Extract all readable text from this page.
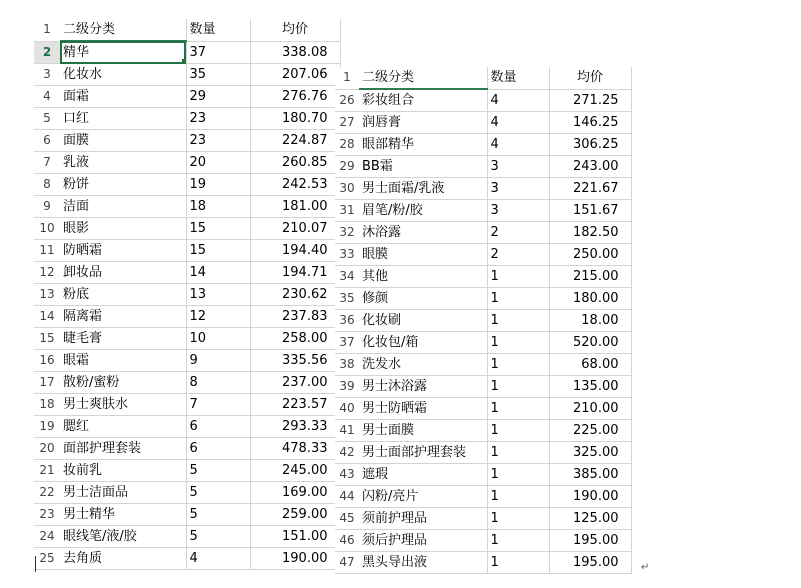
1	二级分类	数量	均价
2	精华	37	338.08
3	化妆水	35	207.06
4	面霜	29	276.76
5	口红	23	180.70
6	面膜	23	224.87
7	乳液	20	260.85
8	粉饼	19	242.53
9	洁面	18	181.00
10	眼影	15	210.07
11	防晒霜	15	194.40
12	卸妆品	14	194.71
13	粉底	13	230.62
14	隔离霜	12	237.83
15	睫毛膏	10	258.00
16	眼霜	9	335.56
17	散粉/蜜粉	8	237.00
18	男士爽肤水	7	223.57
19	腮红	6	293.33
20	面部护理套装	6	478.33
21	妆前乳	5	245.00
22	男士洁面品	5	169.00
23	男士精华	5	259.00
24	眼线笔/液/胶	5	151.00
25	去角质	4	190.00
1	二级分类	数量	均价
26	彩妆组合	4	271.25
27	润唇膏	4	146.25
28	眼部精华	4	306.25
29	BB霜	3	243.00
30	男士面霜/乳液	3	221.67
31	眉笔/粉/胶	3	151.67
32	沐浴露	2	182.50
33	眼膜	2	250.00
34	其他	1	215.00
35	修颜	1	180.00
36	化妆刷	1	18.00
37	化妆包/箱	1	520.00
38	洗发水	1	68.00
39	男士沐浴露	1	135.00
40	男士防晒霜	1	210.00
41	男士面膜	1	225.00
42	男士面部护理套装	1	325.00
43	遮瑕	1	385.00
44	闪粉/亮片	1	190.00
45	须前护理品	1	125.00
46	须后护理品	1	195.00
47	黑头导出液	1	195.00 ↵
